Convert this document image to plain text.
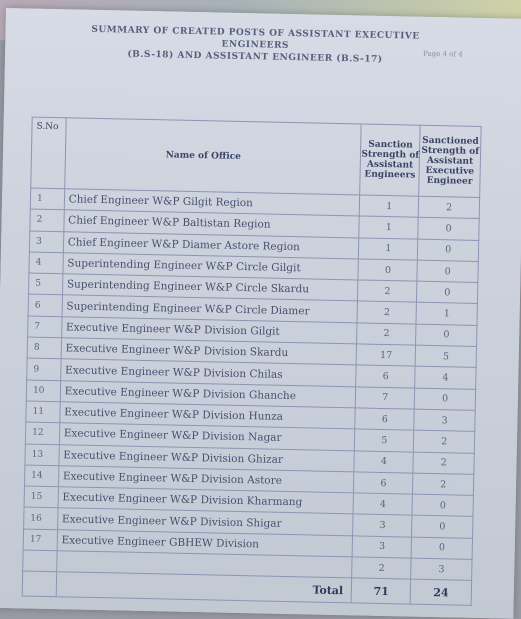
SUMMARY OF CREATED POSTS OF ASSISTANT EXECUTIVE ENGINEERS
(B.S-18) AND ASSISTANT ENGINEER (B.S-17)	Page 4 of 4
S.No	Name of Office	Sanction Strength of Assistant Engineers	Sanctioned Strength of Assistant Executive Engineer
1	Chief Engineer W&P Gilgit Region	1	2
2	Chief Engineer W&P Baltistan Region	1	0
3	Chief Engineer W&P Diamer Astore Region	1	0
4	Superintending Engineer W&P Circle Gilgit	0	0
5	Superintending Engineer W&P Circle Skardu	2	0
6	Superintending Engineer W&P Circle Diamer	2	1
7	Executive Engineer W&P Division Gilgit	2	0
8	Executive Engineer W&P Division Skardu	17	5
9	Executive Engineer W&P Division Chilas	6	4
10	Executive Engineer W&P Division Ghanche	7	0
11	Executive Engineer W&P Division Hunza	6	3
12	Executive Engineer W&P Division Nagar	5	2
13	Executive Engineer W&P Division Ghizar	4	2
14	Executive Engineer W&P Division Astore	6	2
15	Executive Engineer W&P Division Kharmang	4	0
16	Executive Engineer W&P Division Shigar	3	0
17	Executive Engineer GBHEW Division	3	0
		2	3
	Total	71	24
